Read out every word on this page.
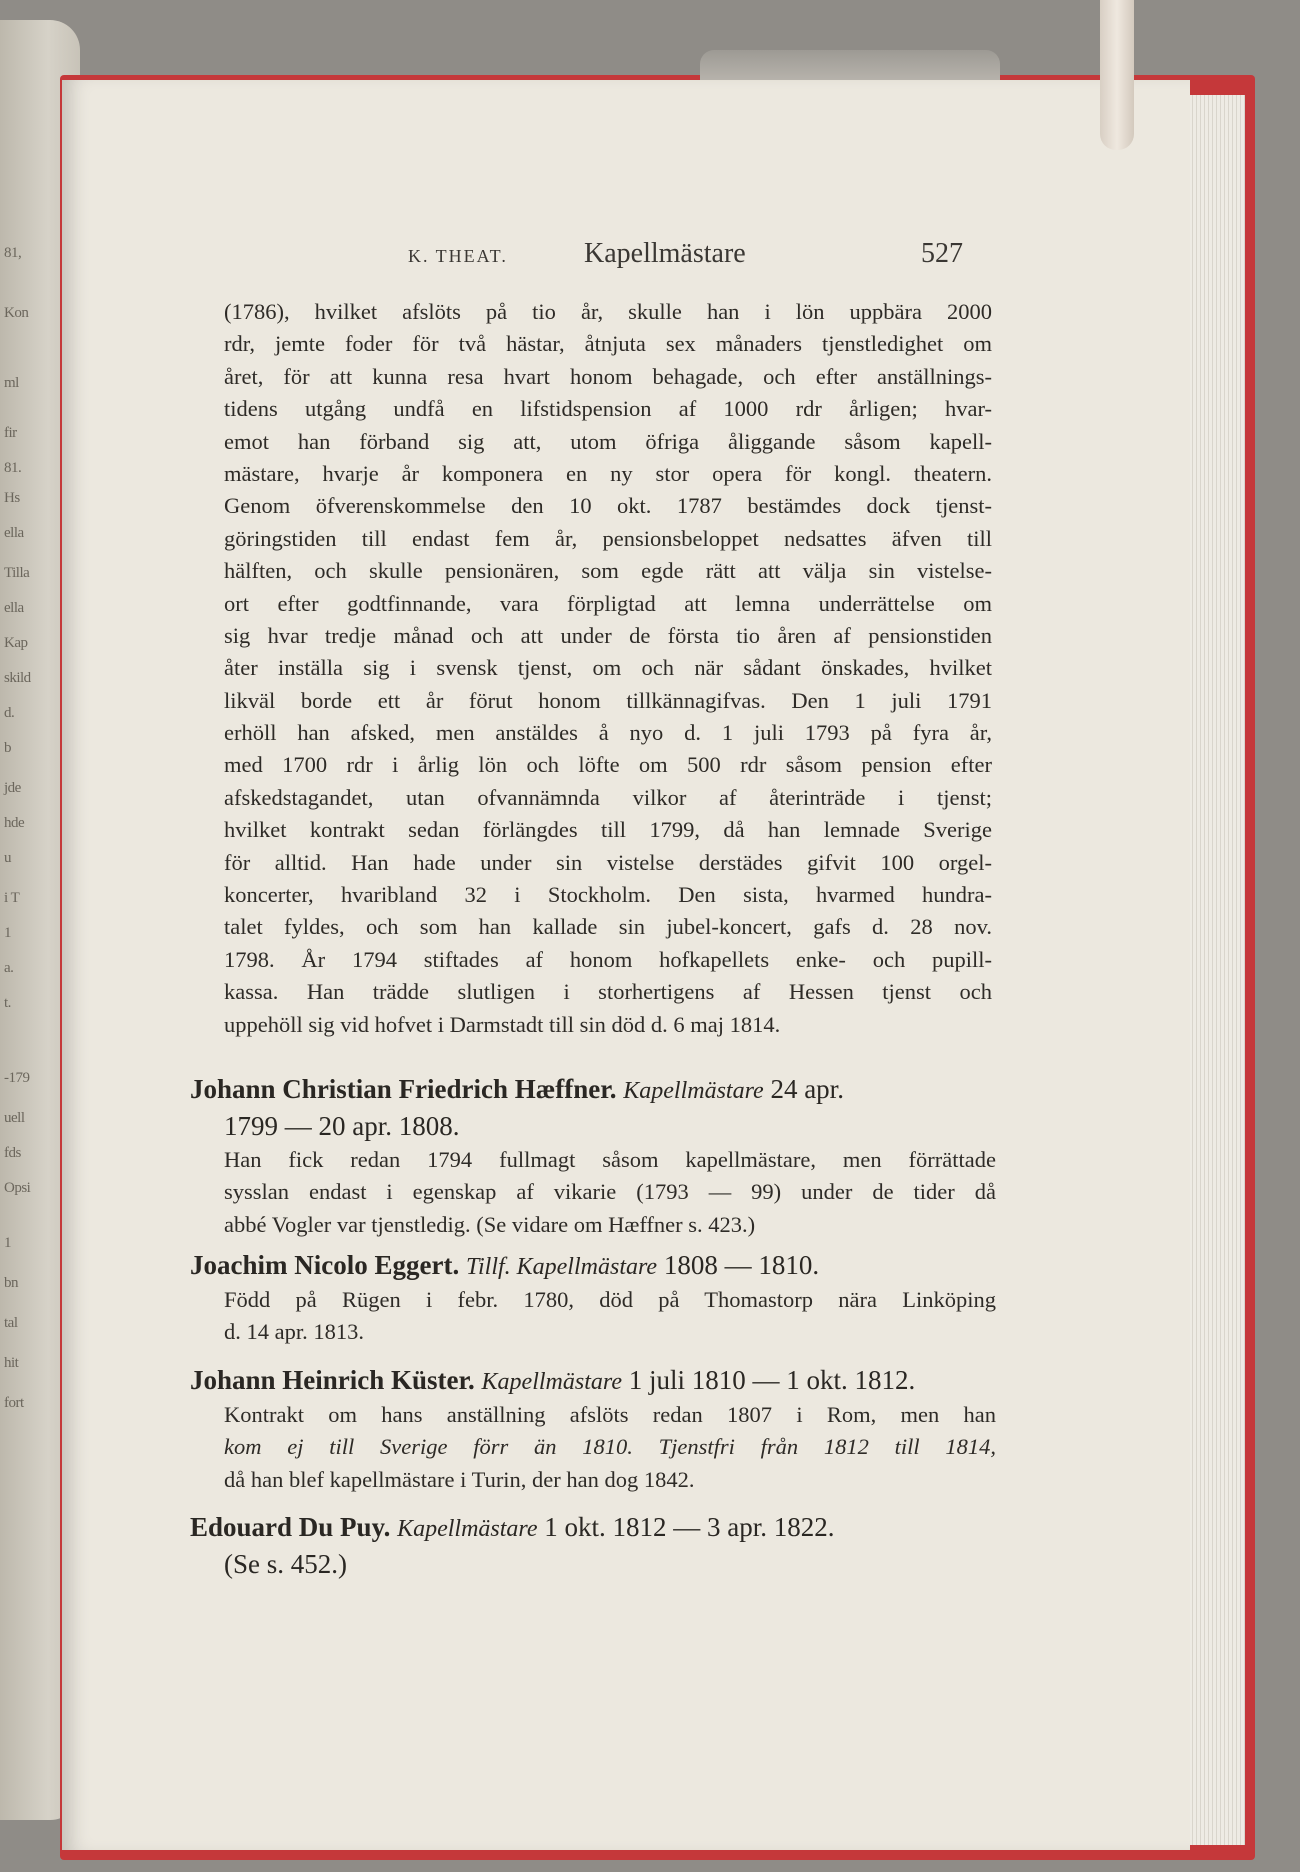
81,
Kon
ml
fir
81.
Hs
ella
Tilla
ella
Kap
skild
d.
b
jde
hde
u
i T
1
a.
t.
-179
uell
fds
Opsi
1
bn
tal
hit
fort
K. THEAT.	Kapellmästare	527
(1786), hvilket afslöts på tio år, skulle han i lön uppbära 2000
rdr, jemte foder för två hästar, åtnjuta sex månaders tjenstledighet om
året, för att kunna resa hvart honom behagade, och efter anställnings-
tidens utgång undfå en lifstidspension af 1000 rdr årligen; hvar-
emot han förband sig att, utom öfriga åliggande såsom kapell-
mästare, hvarje år komponera en ny stor opera för kongl. theatern.
Genom öfverenskommelse den 10 okt. 1787 bestämdes dock tjenst-
göringstiden till endast fem år, pensionsbeloppet nedsattes äfven till
hälften, och skulle pensionären, som egde rätt att välja sin vistelse-
ort efter godtfinnande, vara förpligtad att lemna underrättelse om
sig hvar tredje månad och att under de första tio åren af pensionstiden
åter inställa sig i svensk tjenst, om och när sådant önskades, hvilket
likväl borde ett år förut honom tillkännagifvas. Den 1 juli 1791
erhöll han afsked, men anstäldes å nyo d. 1 juli 1793 på fyra år,
med 1700 rdr i årlig lön och löfte om 500 rdr såsom pension efter
afskedstagandet, utan ofvannämnda vilkor af återinträde i tjenst;
hvilket kontrakt sedan förlängdes till 1799, då han lemnade Sverige
för alltid. Han hade under sin vistelse derstädes gifvit 100 orgel-
koncerter, hvaribland 32 i Stockholm. Den sista, hvarmed hundra-
talet fyldes, och som han kallade sin jubel-koncert, gafs d. 28 nov.
1798. År 1794 stiftades af honom hofkapellets enke- och pupill-
kassa. Han trädde slutligen i storhertigens af Hessen tjenst och
uppehöll sig vid hofvet i Darmstadt till sin död d. 6 maj 1814.
Johann Christian Friedrich Hæffner. Kapellmästare 24 apr.
1799 — 20 apr. 1808.
Han fick redan 1794 fullmagt såsom kapellmästare, men förrättade
sysslan endast i egenskap af vikarie (1793 — 99) under de tider då
abbé Vogler var tjenstledig. (Se vidare om Hæffner s. 423.)
Joachim Nicolo Eggert. Tillf. Kapellmästare 1808 — 1810.
Född på Rügen i febr. 1780, död på Thomastorp nära Linköping
d. 14 apr. 1813.
Johann Heinrich Küster. Kapellmästare 1 juli 1810 — 1 okt. 1812.
Kontrakt om hans anställning afslöts redan 1807 i Rom, men han
kom ej till Sverige förr än 1810. Tjenstfri från 1812 till 1814,
då han blef kapellmästare i Turin, der han dog 1842.
Edouard Du Puy. Kapellmästare 1 okt. 1812 — 3 apr. 1822.
(Se s. 452.)
